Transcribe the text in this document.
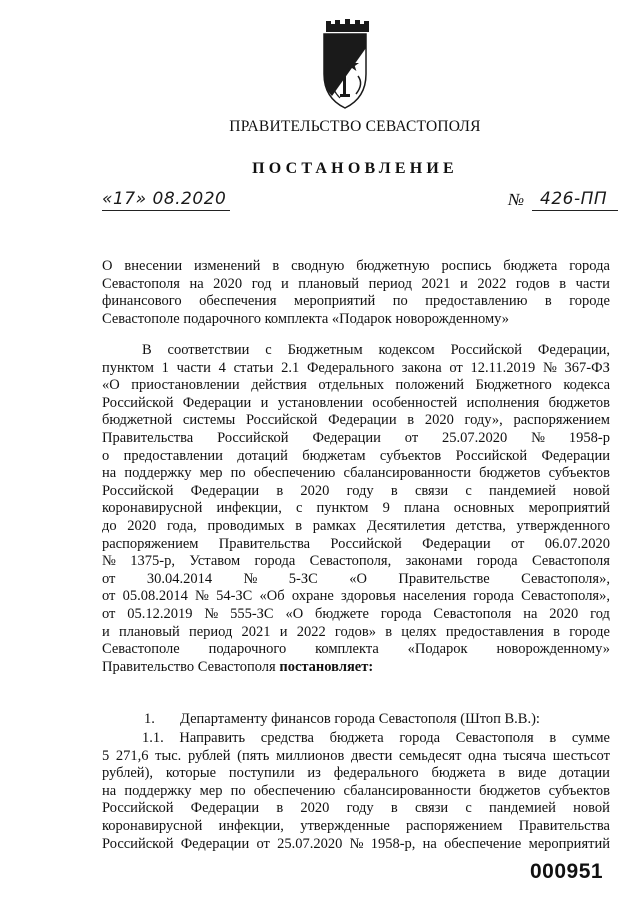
ПРАВИТЕЛЬСТВО СЕВАСТОПОЛЯ
ПОСТАНОВЛЕНИЕ
«17» 08.2020	№ 426-ПП
О внесении изменений в сводную бюджетную роспись бюджета города
Севастополя на 2020 год и плановый период 2021 и 2022 годов в части
финансового обеспечения мероприятий по предоставлению в городе
Севастополе подарочного комплекта «Подарок новорожденному»
В соответствии с Бюджетным кодексом Российской Федерации,
пунктом 1 части 4 статьи 2.1 Федерального закона от 12.11.2019 № 367-ФЗ
«О приостановлении действия отдельных положений Бюджетного кодекса
Российской Федерации и установлении особенностей исполнения бюджетов
бюджетной системы Российской Федерации в 2020 году», распоряжением
Правительства Российской Федерации от 25.07.2020 № 1958-р
о предоставлении дотаций бюджетам субъектов Российской Федерации
на поддержку мер по обеспечению сбалансированности бюджетов субъектов
Российской Федерации в 2020 году в связи с пандемией новой
коронавирусной инфекции, с пунктом 9 плана основных мероприятий
до 2020 года, проводимых в рамках Десятилетия детства, утвержденного
распоряжением Правительства Российской Федерации от 06.07.2020
№ 1375-р, Уставом города Севастополя, законами города Севастополя
от 30.04.2014 № 5-ЗС «О Правительстве Севастополя»,
от 05.08.2014 № 54-ЗС «Об охране здоровья населения города Севастополя»,
от 05.12.2019 № 555-ЗС «О бюджете города Севастополя на 2020 год
и плановый период 2021 и 2022 годов» в целях предоставления в городе
Севастополе подарочного комплекта «Подарок новорожденному»
Правительство Севастополя постановляет:
1. Департаменту финансов города Севастополя (Штоп В.В.):
1.1. Направить средства бюджета города Севастополя в сумме
5 271,6 тыс. рублей (пять миллионов двести семьдесят одна тысяча шестьсот
рублей), которые поступили из федерального бюджета в виде дотации
на поддержку мер по обеспечению сбалансированности бюджетов субъектов
Российской Федерации в 2020 году в связи с пандемией новой
коронавирусной инфекции, утвержденные распоряжением Правительства
Российской Федерации от 25.07.2020 № 1958-р, на обеспечение мероприятий
000951
